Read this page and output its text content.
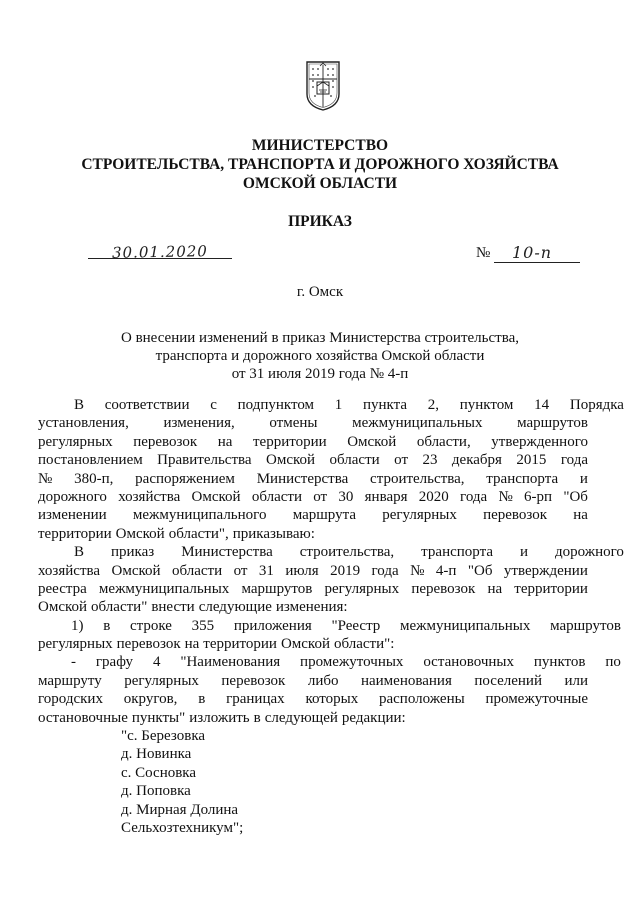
МИНИСТЕРСТВО
СТРОИТЕЛЬСТВА, ТРАНСПОРТА И ДОРОЖНОГО ХОЗЯЙСТВА
ОМСКОЙ ОБЛАСТИ
ПРИКАЗ
30.01.2020	№ 10-п
г. Омск
О внесении изменений в приказ Министерства строительства,
транспорта и дорожного хозяйства Омской области
от 31 июля 2019 года № 4-п
В соответствии с подпунктом 1 пункта 2, пунктом 14 Порядка
установления, изменения, отмены межмуниципальных маршрутов
регулярных перевозок на территории Омской области, утвержденного
постановлением Правительства Омской области от 23 декабря 2015 года
№ 380-п, распоряжением Министерства строительства, транспорта и
дорожного хозяйства Омской области от 30 января 2020 года № 6-рп "Об
изменении межмуниципального маршрута регулярных перевозок на
территории Омской области", приказываю:
В приказ Министерства строительства, транспорта и дорожного
хозяйства Омской области от 31 июля 2019 года № 4-п "Об утверждении
реестра межмуниципальных маршрутов регулярных перевозок на территории
Омской области" внести следующие изменения:
1) в строке 355 приложения "Реестр межмуниципальных маршрутов
регулярных перевозок на территории Омской области":
- графу 4 "Наименования промежуточных остановочных пунктов по
маршруту регулярных перевозок либо наименования поселений или
городских округов, в границах которых расположены промежуточные
остановочные пункты" изложить в следующей редакции:
"с. Березовка
д. Новинка
с. Сосновка
д. Поповка
д. Мирная Долина
Сельхозтехникум";
